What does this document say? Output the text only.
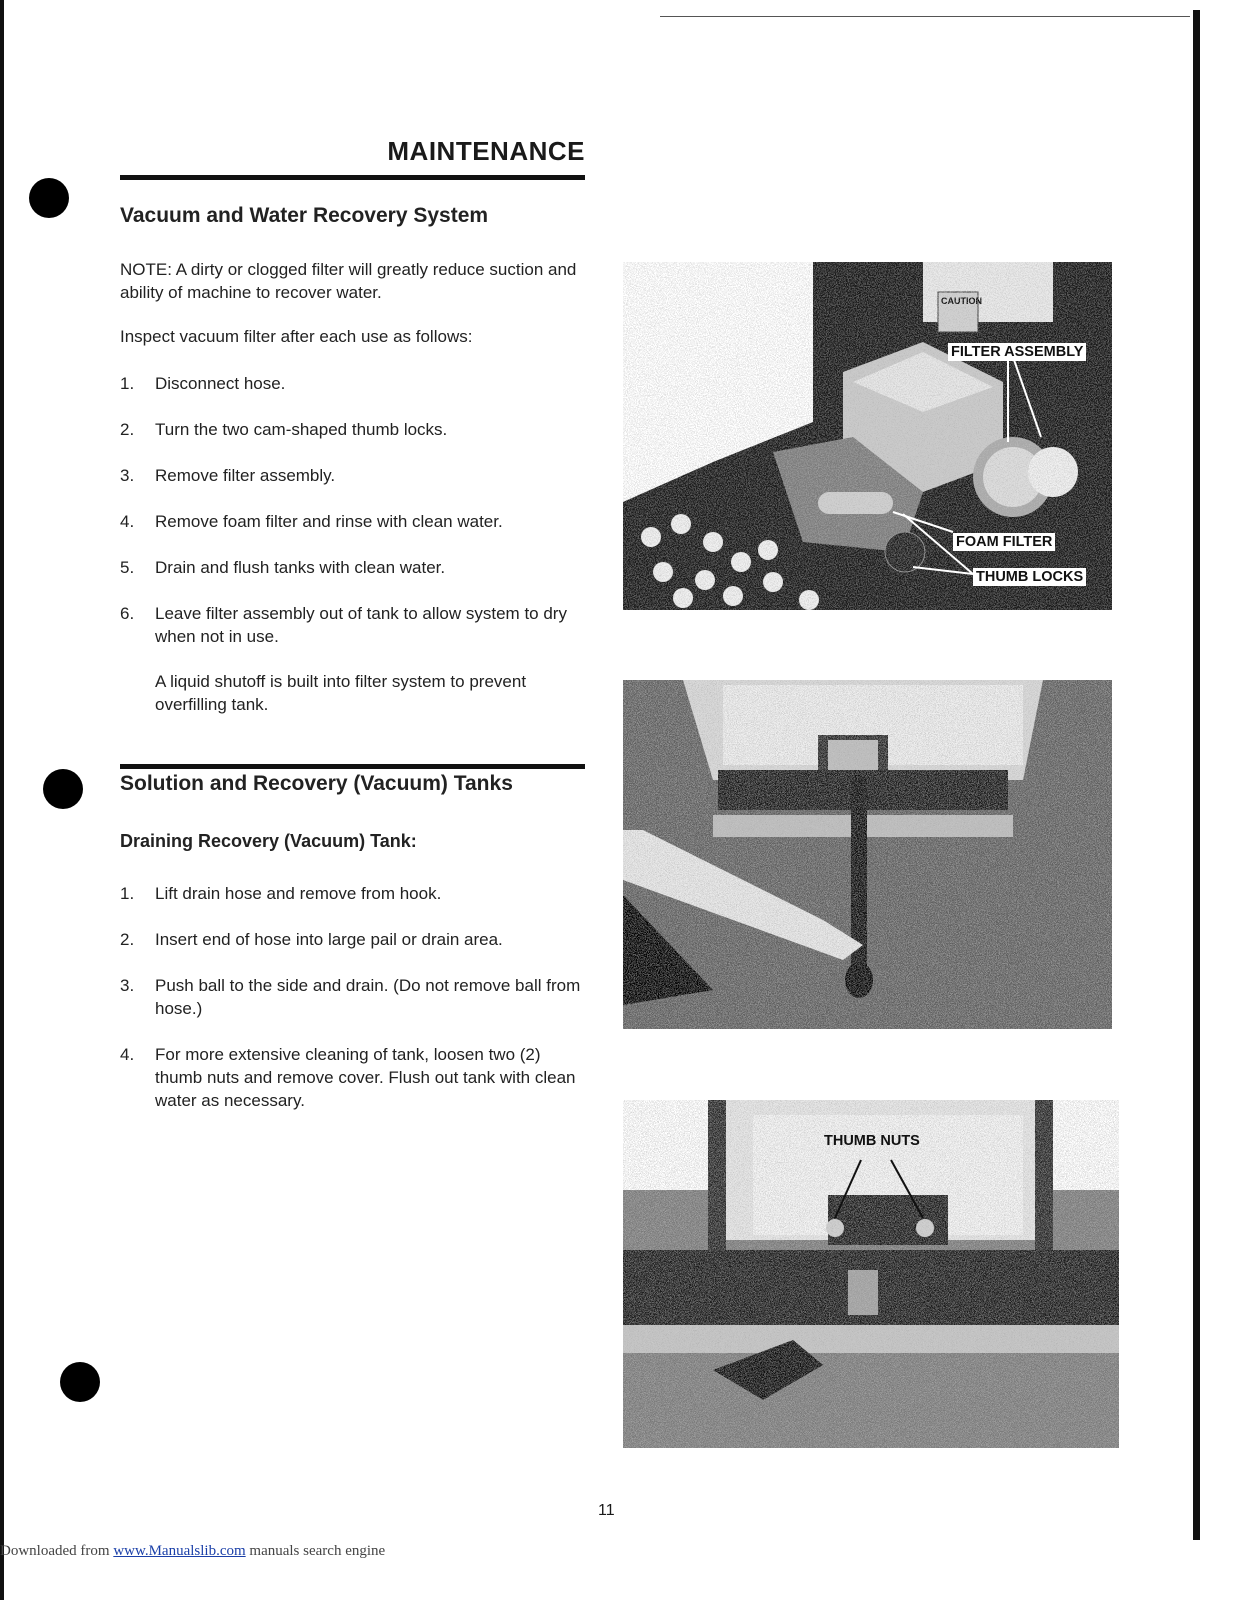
MAINTENANCE
Vacuum and Water Recovery System
NOTE: A dirty or clogged filter will greatly reduce suction and ability of machine to recover water.
Inspect vacuum filter after each use as follows:
1. Disconnect hose.
2. Turn the two cam-shaped thumb locks.
3. Remove filter assembly.
4. Remove foam filter and rinse with clean water.
5. Drain and flush tanks with clean water.
6. Leave filter assembly out of tank to allow system to dry when not in use.
A liquid shutoff is built into filter system to prevent overfilling tank.
Solution and Recovery (Vacuum) Tanks
Draining Recovery (Vacuum) Tank:
1. Lift drain hose and remove from hook.
2. Insert end of hose into large pail or drain area.
3. Push ball to the side and drain. (Do not remove ball from hose.)
4. For more extensive cleaning of tank, loosen two (2) thumb nuts and remove cover. Flush out tank with clean water as necessary.
FILTER ASSEMBLY
FOAM FILTER
THUMB LOCKS
THUMB NUTS
11
Downloaded from www.Manualslib.com manuals search engine
